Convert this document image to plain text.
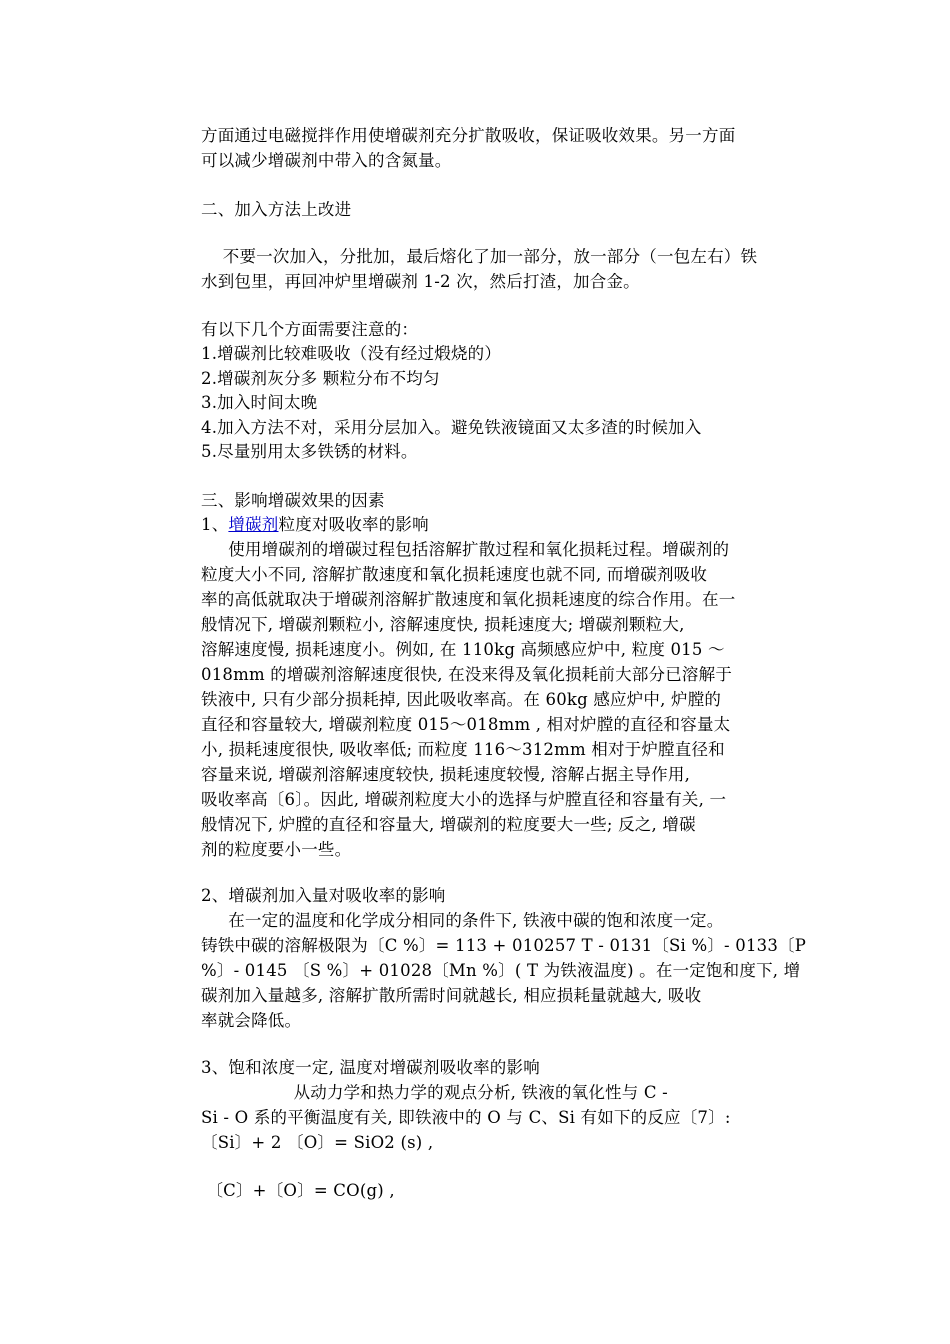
方面通过电磁搅拌作用使增碳剂充分扩散吸收，保证吸收效果。另一方面

可以减少增碳剂中带入的含氮量。

二、加入方法上改进

不要一次加入，分批加，最后熔化了加一部分，放一部分（一包左右）铁

水到包里，再回冲炉里增碳剂 1-2 次，然后打渣，加合金。

有以下几个方面需要注意的：

1.增碳剂比较难吸收（没有经过煅烧的）

2.增碳剂灰分多 颗粒分布不均匀

3.加入时间太晚

4.加入方法不对，采用分层加入。避免铁液镜面又太多渣的时候加入

5.尽量别用太多铁锈的材料。

三、影响增碳效果的因素

1、增碳剂粒度对吸收率的影响

使用增碳剂的增碳过程包括溶解扩散过程和氧化损耗过程。增碳剂的

粒度大小不同, 溶解扩散速度和氧化损耗速度也就不同, 而增碳剂吸收

率的高低就取决于增碳剂溶解扩散速度和氧化损耗速度的综合作用。在一

般情况下, 增碳剂颗粒小, 溶解速度快, 损耗速度大; 增碳剂颗粒大,

溶解速度慢, 损耗速度小。例如, 在 110kg 高频感应炉中, 粒度 015 ～

018mm 的增碳剂溶解速度很快, 在没来得及氧化损耗前大部分已溶解于

铁液中, 只有少部分损耗掉, 因此吸收率高。在 60kg 感应炉中, 炉膛的

直径和容量较大, 增碳剂粒度 015～018mm , 相对炉膛的直径和容量太

小, 损耗速度很快, 吸收率低; 而粒度 116～312mm 相对于炉膛直径和

容量来说, 增碳剂溶解速度较快, 损耗速度较慢, 溶解占据主导作用,

吸收率高〔6〕。因此, 增碳剂粒度大小的选择与炉膛直径和容量有关, 一

般情况下, 炉膛的直径和容量大, 增碳剂的粒度要大一些; 反之, 增碳

剂的粒度要小一些。

2、增碳剂加入量对吸收率的影响

在一定的温度和化学成分相同的条件下, 铁液中碳的饱和浓度一定。

铸铁中碳的溶解极限为〔C %〕= 113 + 010257 T - 0131〔Si %〕- 0133〔P

%〕- 0145 〔S %〕+ 01028〔Mn %〕( T 为铁液温度) 。在一定饱和度下, 增

碳剂加入量越多, 溶解扩散所需时间就越长, 相应损耗量就越大, 吸收

率就会降低。

3、饱和浓度一定, 温度对增碳剂吸收率的影响

从动力学和热力学的观点分析, 铁液的氧化性与 C -

Si - O 系的平衡温度有关, 即铁液中的 O 与 C、Si 有如下的反应〔7〕:

〔Si〕+ 2 〔O〕= SiO2 (s) ,

〔C〕+〔O〕= CO(g) ,
